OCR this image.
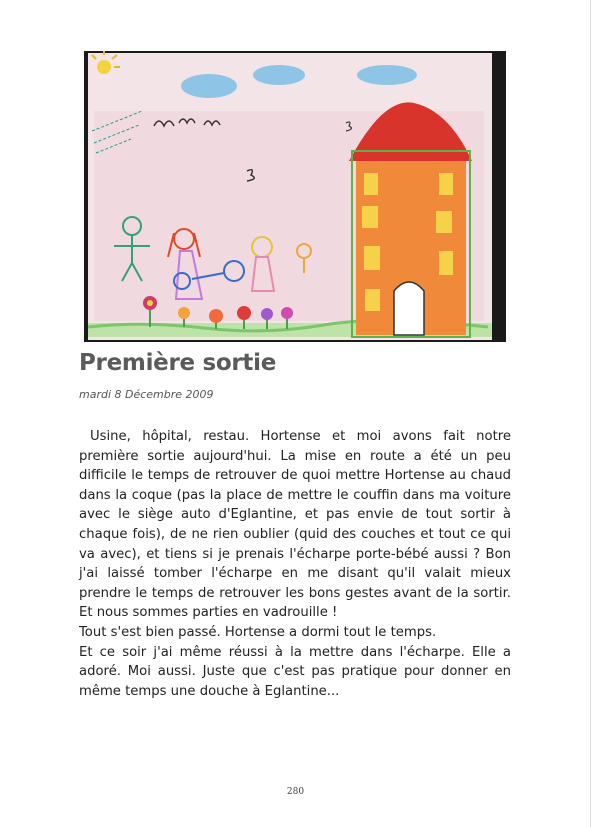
Première sortie
mardi 8 Décembre 2009

Usine, hôpital, restau. Hortense et moi avons fait notre première sortie aujourd'hui. La mise en route a été un peu difficile le temps de retrouver de quoi mettre Hortense au chaud dans la coque (pas la place de mettre le couffin dans ma voiture avec le siège auto d'Eglantine, et pas envie de tout sortir à chaque fois), de ne rien oublier (quid des couches et tout ce qui va avec), et tiens si je prenais l'écharpe porte-bébé aussi ? Bon j'ai laissé tomber l'écharpe en me disant qu'il valait mieux prendre le temps de retrouver les bons gestes avant de la sortir. Et nous sommes parties en vadrouille !

Tout s'est bien passé. Hortense a dormi tout le temps.

Et ce soir j'ai même réussi à la mettre dans l'écharpe. Elle a adoré. Moi aussi. Juste que c'est pas pratique pour donner en même temps une douche à Eglantine...

280
